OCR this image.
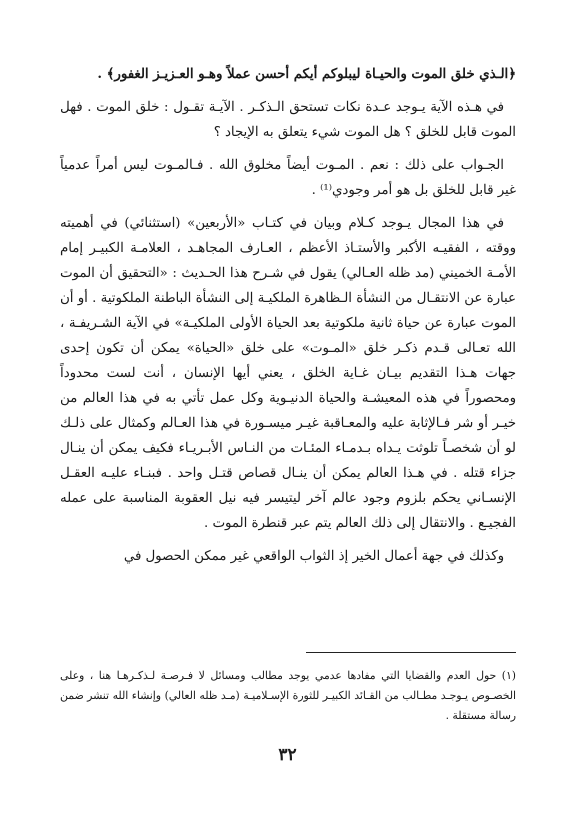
﴿الـذي خلق الموت والحيـاة ليبلوكم أيكم أحسن عملاً وهـو العـزيـز الغفور﴾ .

في هـذه الآية يـوجد عـدة نكات تستحق الـذكـر . الآيـة تقـول : خلق الموت . فهل الموت قابل للخلق ؟ هل الموت شيء يتعلق به الإيجاد ؟

الجـواب على ذلك : نعم . المـوت أيضاً مخلوق الله . فـالمـوت ليس أمراً عدمياً غير قابل للخلق بل هو أمر وجودي⁽¹⁾ .

في هذا المجال يـوجد كـلام وبيان في كتـاب «الأربعين» (استثنائي) في أهميته ووقته ، الفقيـه الأكبر والأستـاذ الأعظم ، العـارف المجاهـد ، العلامـة الكبيـر إمام الأمـة الخميني (مد ظله العـالي) يقول في شـرح هذا الحـديث : «التحقيق أن الموت عبارة عن الانتقـال من النشأة الـظاهرة الملكيـة إلى النشأة الباطنة الملكوتية . أو أن الموت عبارة عن حياة ثانية ملكوتية بعد الحياة الأولى الملكيـة» في الآية الشـريفـة ، الله تعـالى قـدم ذكـر خلق «المـوت» على خلق «الحياة» يمكن أن تكون إحدى جهات هـذا التقديم بيـان غـاية الخلق ، يعني أيها الإنسان ، أنت لست محدوداً ومحصوراً في هذه المعيشـة والحياة الدنيـوية وكل عمل تأتي به في هذا العالم من خيـر أو شر فـالإثابة عليه والمعـاقبة غيـر ميسـورة في هذا العـالم وكمثال على ذلـك لو أن شخصـاً تلوثت يـداه بـدمـاء المئـات من النـاس الأبـريـاء فكيف يمكن أن ينـال جزاء قتله . في هـذا العالم يمكن أن ينـال قصاص قتـل واحد . فبنـاء عليـه العقـل الإنسـاني يحكم بلزوم وجود عالم آخر ليتيسر فيه نيل العقوبة المناسبة على عمله الفجيـع . والانتقال إلى ذلك العالم يتم عبر قنطرة الموت .

وكذلك في جهة أعمال الخير إذ الثواب الواقعي غير ممكن الحصول في

(١) حول العدم والقضايا التي مفادها عدمي يوجد مطالب ومسائل لا فـرصـة لـذكـرهـا هنا ، وعلى الخصـوص يـوجـد مطـالب من القـائد الكبيـر للثورة الإسـلاميـة (مـد ظله العالي) وإنشاء الله تنشر ضمن رسالة مستقلة .

٣٢
